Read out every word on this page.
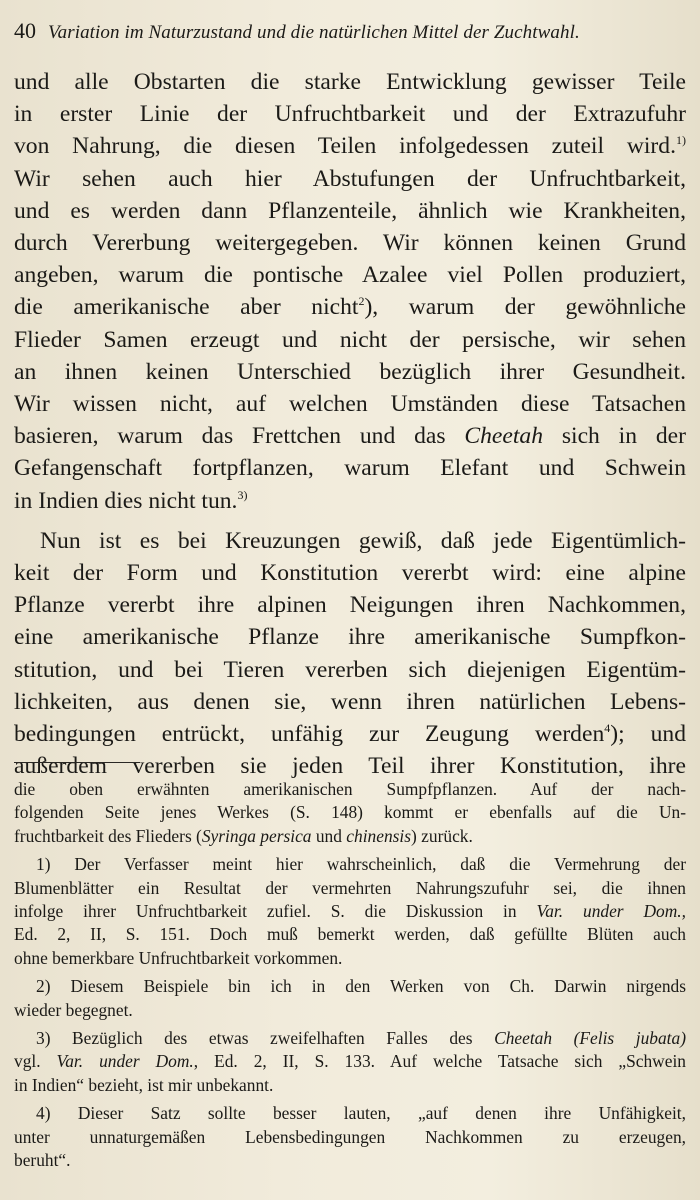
40 Variation im Naturzustand und die natürlichen Mittel der Zuchtwahl.
und alle Obstarten die starke Entwicklung gewisser Teile
in erster Linie der Unfruchtbarkeit und der Extrazufuhr
von Nahrung, die diesen Teilen infolgedessen zuteil wird.$^{1)}$
Wir sehen auch hier Abstufungen der Unfruchtbarkeit,
und es werden dann Pflanzenteile, ähnlich wie Krankheiten,
durch Vererbung weitergegeben. Wir können keinen Grund
angeben, warum die pontische Azalee viel Pollen produziert,
die amerikanische aber nicht$^2$), warum der gewöhnliche
Flieder Samen erzeugt und nicht der persische, wir sehen
an ihnen keinen Unterschied bezüglich ihrer Gesundheit.
Wir wissen nicht, auf welchen Umständen diese Tatsachen
basieren, warum das Frettchen und das Cheetah sich in der
Gefangenschaft fortpflanzen, warum Elefant und Schwein
in Indien dies nicht tun.$^{3)}$
Nun ist es bei Kreuzungen gewiß, daß jede Eigentümlich-
keit der Form und Konstitution vererbt wird: eine alpine
Pflanze vererbt ihre alpinen Neigungen ihren Nachkommen,
eine amerikanische Pflanze ihre amerikanische Sumpfkon-
stitution, und bei Tieren vererben sich diejenigen Eigentüm-
lichkeiten, aus denen sie, wenn ihren natürlichen Lebens-
bedingungen entrückt, unfähig zur Zeugung werden$^4$); und
außerdem vererben sie jeden Teil ihrer Konstitution, ihre
die oben erwähnten amerikanischen Sumpfpflanzen. Auf der nach-
folgenden Seite jenes Werkes (S. 148) kommt er ebenfalls auf die Un-
fruchtbarkeit des Flieders (Syringa persica und chinensis) zurück.
1) Der Verfasser meint hier wahrscheinlich, daß die Vermehrung der
Blumenblätter ein Resultat der vermehrten Nahrungszufuhr sei, die ihnen
infolge ihrer Unfruchtbarkeit zufiel. S. die Diskussion in Var. under Dom.,
Ed. 2, II, S. 151. Doch muß bemerkt werden, daß gefüllte Blüten auch
ohne bemerkbare Unfruchtbarkeit vorkommen.
2) Diesem Beispiele bin ich in den Werken von Ch. Darwin nirgends
wieder begegnet.
3) Bezüglich des etwas zweifelhaften Falles des Cheetah (Felis jubata)
vgl. Var. under Dom., Ed. 2, II, S. 133. Auf welche Tatsache sich „Schwein
in Indien“ bezieht, ist mir unbekannt.
4) Dieser Satz sollte besser lauten, „auf denen ihre Unfähigkeit,
unter unnaturgemäßen Lebensbedingungen Nachkommen zu erzeugen,
beruht“.
